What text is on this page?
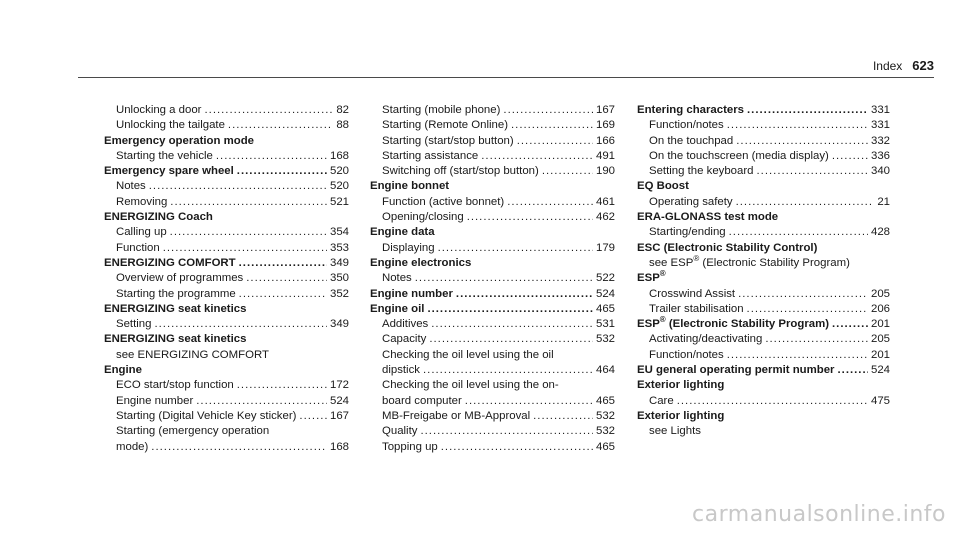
Index 623
Unlocking a door .....	82
Unlocking the tailgate .....	88
Emergency operation mode
Starting the vehicle .....	168
Emergency spare wheel .....	520
Notes .....	520
Removing .....	521
ENERGIZING Coach
Calling up .....	354
Function .....	353
ENERGIZING COMFORT .....	349
Overview of programmes .....	350
Starting the programme .....	352
ENERGIZING seat kinetics
Setting .....	349
ENERGIZING seat kinetics
see ENERGIZING COMFORT
Engine
ECO start/stop function .....	172
Engine number .....	524
Starting (Digital Vehicle Key sticker) .....	167
Starting (emergency operation
mode) .....	168
Starting (mobile phone) .....	167
Starting (Remote Online) .....	169
Starting (start/stop button) .....	166
Starting assistance .....	491
Switching off (start/stop button) .....	190
Engine bonnet
Function (active bonnet) .....	461
Opening/closing .....	462
Engine data
Displaying .....	179
Engine electronics
Notes .....	522
Engine number .....	524
Engine oil .....	465
Additives .....	531
Capacity .....	532
Checking the oil level using the oil
dipstick .....	464
Checking the oil level using the on-
board computer .....	465
MB-Freigabe or MB-Approval .....	532
Quality .....	532
Topping up .....	465
Entering characters .....	331
Function/notes .....	331
On the touchpad .....	332
On the touchscreen (media display) .....	336
Setting the keyboard .....	340
EQ Boost
Operating safety .....	21
ERA-GLONASS test mode
Starting/ending .....	428
ESC (Electronic Stability Control)
see ESP® (Electronic Stability Program)
ESP®
Crosswind Assist .....	205
Trailer stabilisation .....	206
ESP® (Electronic Stability Program) .....	201
Activating/deactivating .....	205
Function/notes .....	201
EU general operating permit number .....	524
Exterior lighting
Care .....	475
Exterior lighting
see Lights
carmanualsonline.info
